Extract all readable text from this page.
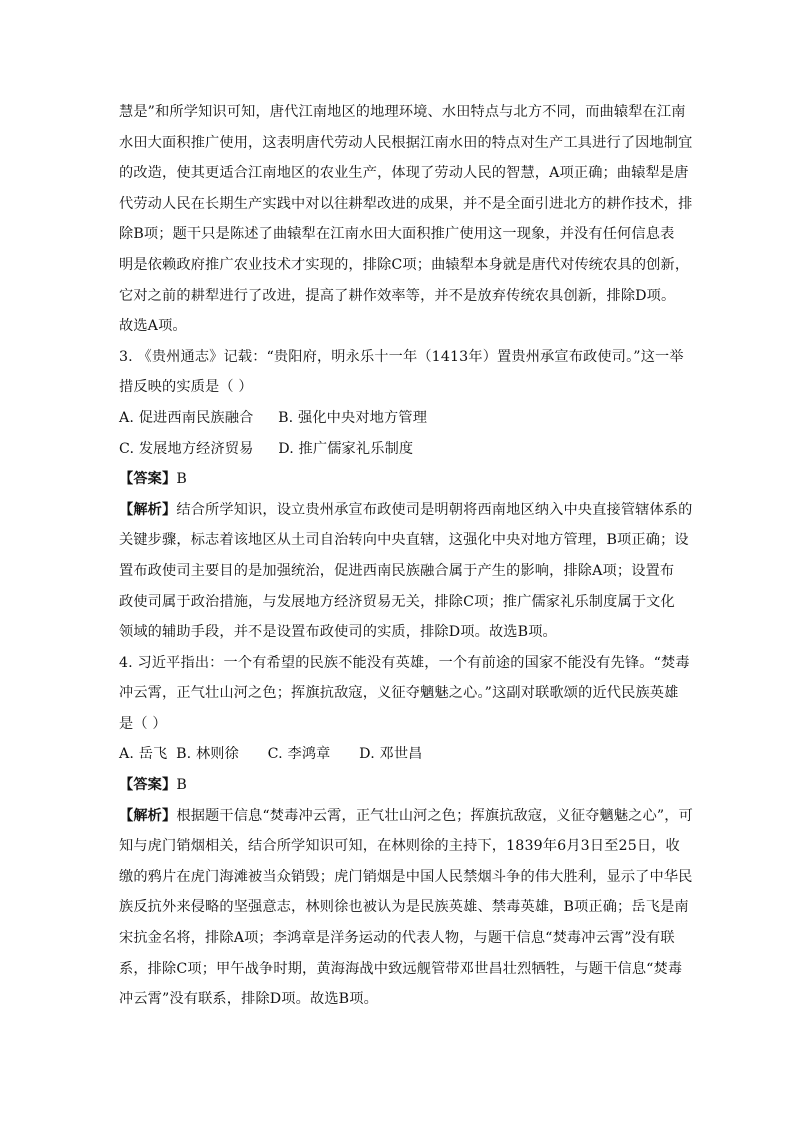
慧是”和所学知识可知，唐代江南地区的地理环境、水田特点与北方不同，而曲辕犁在江南
水田大面积推广使用，这表明唐代劳动人民根据江南水田的特点对生产工具进行了因地制宜
的改造，使其更适合江南地区的农业生产，体现了劳动人民的智慧，A项正确；曲辕犁是唐
代劳动人民在长期生产实践中对以往耕犁改进的成果，并不是全面引进北方的耕作技术，排
除B项；题干只是陈述了曲辕犁在江南水田大面积推广使用这一现象，并没有任何信息表
明是依赖政府推广农业技术才实现的，排除C项；曲辕犁本身就是唐代对传统农具的创新，
它对之前的耕犁进行了改进，提高了耕作效率等，并不是放弃传统农具创新，排除D项。
故选A项。
3. 《贵州通志》记载：“贵阳府，明永乐十一年（1413年）置贵州承宣布政使司。”这一举
措反映的实质是（ ）
A. 促进西南民族融合 B. 强化中央对地方管理
C. 发展地方经济贸易 D. 推广儒家礼乐制度
【答案】B
【解析】结合所学知识，设立贵州承宣布政使司是明朝将西南地区纳入中央直接管辖体系的
关键步骤，标志着该地区从土司自治转向中央直辖，这强化中央对地方管理，B项正确；设
置布政使司主要目的是加强统治，促进西南民族融合属于产生的影响，排除A项；设置布
政使司属于政治措施，与发展地方经济贸易无关，排除C项；推广儒家礼乐制度属于文化
领域的辅助手段，并不是设置布政使司的实质，排除D项。故选B项。
4. 习近平指出：一个有希望的民族不能没有英雄，一个有前途的国家不能没有先锋。“焚毒
冲云霄，正气壮山河之色；挥旗抗敌寇，义征夺魑魅之心。”这副对联歌颂的近代民族英雄
是（ ）
A. 岳飞 B. 林则徐 C. 李鸿章 D. 邓世昌
【答案】B
【解析】根据题干信息“焚毒冲云霄，正气壮山河之色；挥旗抗敌寇，义征夺魑魅之心”，可
知与虎门销烟相关，结合所学知识可知，在林则徐的主持下，1839年6月3日至25日，收
缴的鸦片在虎门海滩被当众销毁；虎门销烟是中国人民禁烟斗争的伟大胜利，显示了中华民
族反抗外来侵略的坚强意志，林则徐也被认为是民族英雄、禁毒英雄，B项正确；岳飞是南
宋抗金名将，排除A项；李鸿章是洋务运动的代表人物，与题干信息“焚毒冲云霄”没有联
系，排除C项；甲午战争时期，黄海海战中致远舰管带邓世昌壮烈牺牲，与题干信息“焚毒
冲云霄”没有联系，排除D项。故选B项。
